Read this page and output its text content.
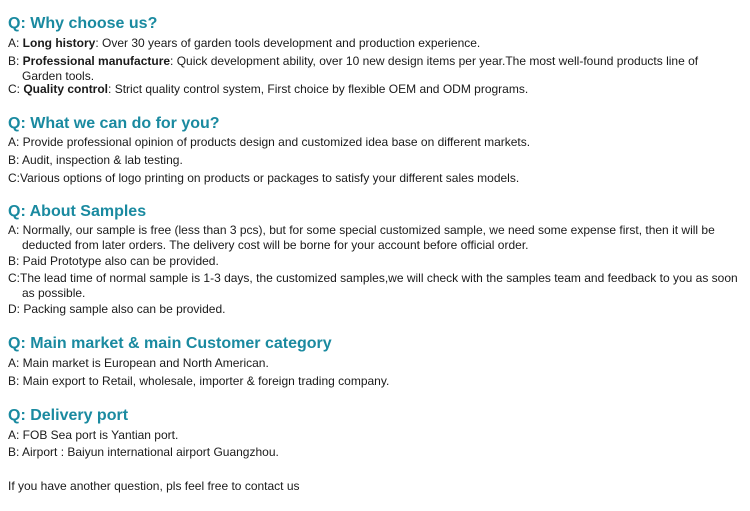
Q: Why choose us?
A: Long history: Over 30 years of garden tools development and production experience.
B: Professional manufacture: Quick development ability, over 10 new design items per year.The most well-found products line of Garden tools.
C: Quality control: Strict quality control system, First choice by flexible OEM and ODM programs.
Q: What we can do for you?
A: Provide professional opinion of products design and customized idea base on different markets.
B: Audit, inspection & lab testing.
C:Various options of logo printing on products or packages to satisfy your different sales models.
Q: About Samples
A: Normally, our sample is free (less than 3 pcs), but for some special customized sample, we need some expense first, then it will be deducted from later orders. The delivery cost will be borne for your account before official order.
B: Paid Prototype also can be provided.
C:The lead time of normal sample is 1-3 days, the customized samples,we will check with the samples team and feedback to you as soon as possible.
D: Packing sample also can be provided.
Q: Main market & main Customer category
A: Main market is European and North American.
B: Main export to Retail, wholesale, importer & foreign trading company.
Q: Delivery port
A: FOB Sea port is Yantian port.
B: Airport : Baiyun international airport Guangzhou.
If you have another question, pls feel free to contact us
